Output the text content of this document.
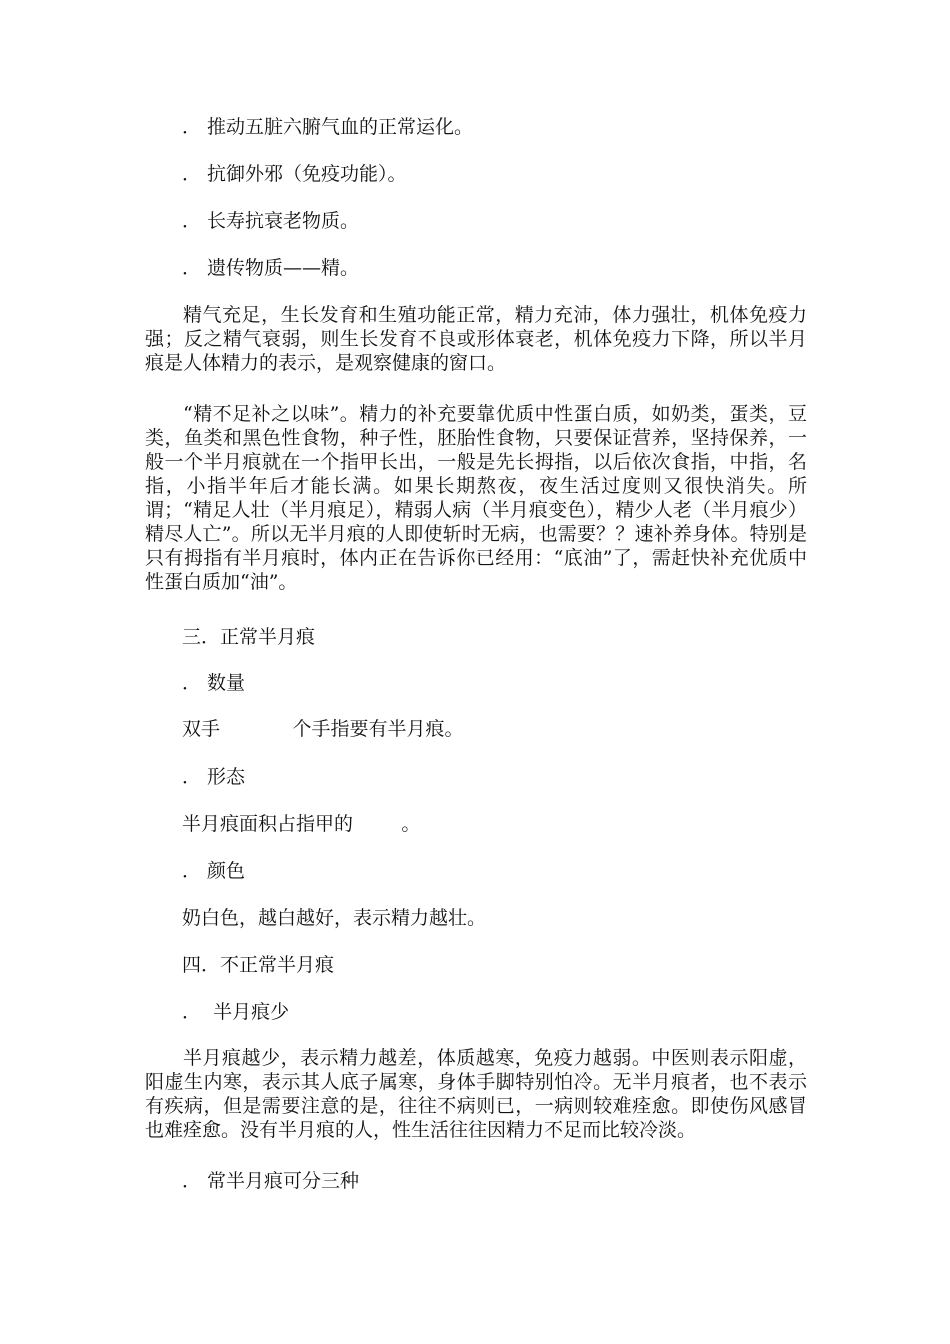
． 推动五脏六腑气血的正常运化。

． 抗御外邪（免疫功能）。

． 长寿抗衰老物质。

． 遗传物质——精。

精气充足，生长发育和生殖功能正常，精力充沛，体力强壮，机体免疫力强；反之精气衰弱，则生长发育不良或形体衰老，机体免疫力下降，所以半月痕是人体精力的表示，是观察健康的窗口。

“精不足补之以味”。精力的补充要靠优质中性蛋白质，如奶类，蛋类，豆类，鱼类和黑色性食物，种子性，胚胎性食物，只要保证营养，坚持保养，一般一个半月痕就在一个指甲长出，一般是先长拇指，以后依次食指，中指，名指，小指半年后才能长满。如果长期熬夜，夜生活过度则又很快消失。所谓；“精足人壮（半月痕足），精弱人病（半月痕变色），精少人老（半月痕少）精尽人亡”。所以无半月痕的人即使斩时无病，也需要？？速补养身体。特别是只有拇指有半月痕时，体内正在告诉你已经用：“底油”了，需赶快补充优质中性蛋白质加“油”。

三．正常半月痕

． 数量

双手            个手指要有半月痕。

． 形态

半月痕面积占指甲的        。

． 颜色

奶白色，越白越好，表示精力越壮。

四．不正常半月痕

．  半月痕少

半月痕越少，表示精力越差，体质越寒，免疫力越弱。中医则表示阳虚，阳虚生内寒，表示其人底子属寒，身体手脚特别怕冷。无半月痕者，也不表示有疾病，但是需要注意的是，往往不病则已，一病则较难痊愈。即使伤风感冒也难痊愈。没有半月痕的人，性生活往往因精力不足而比较冷淡。

． 常半月痕可分三种
